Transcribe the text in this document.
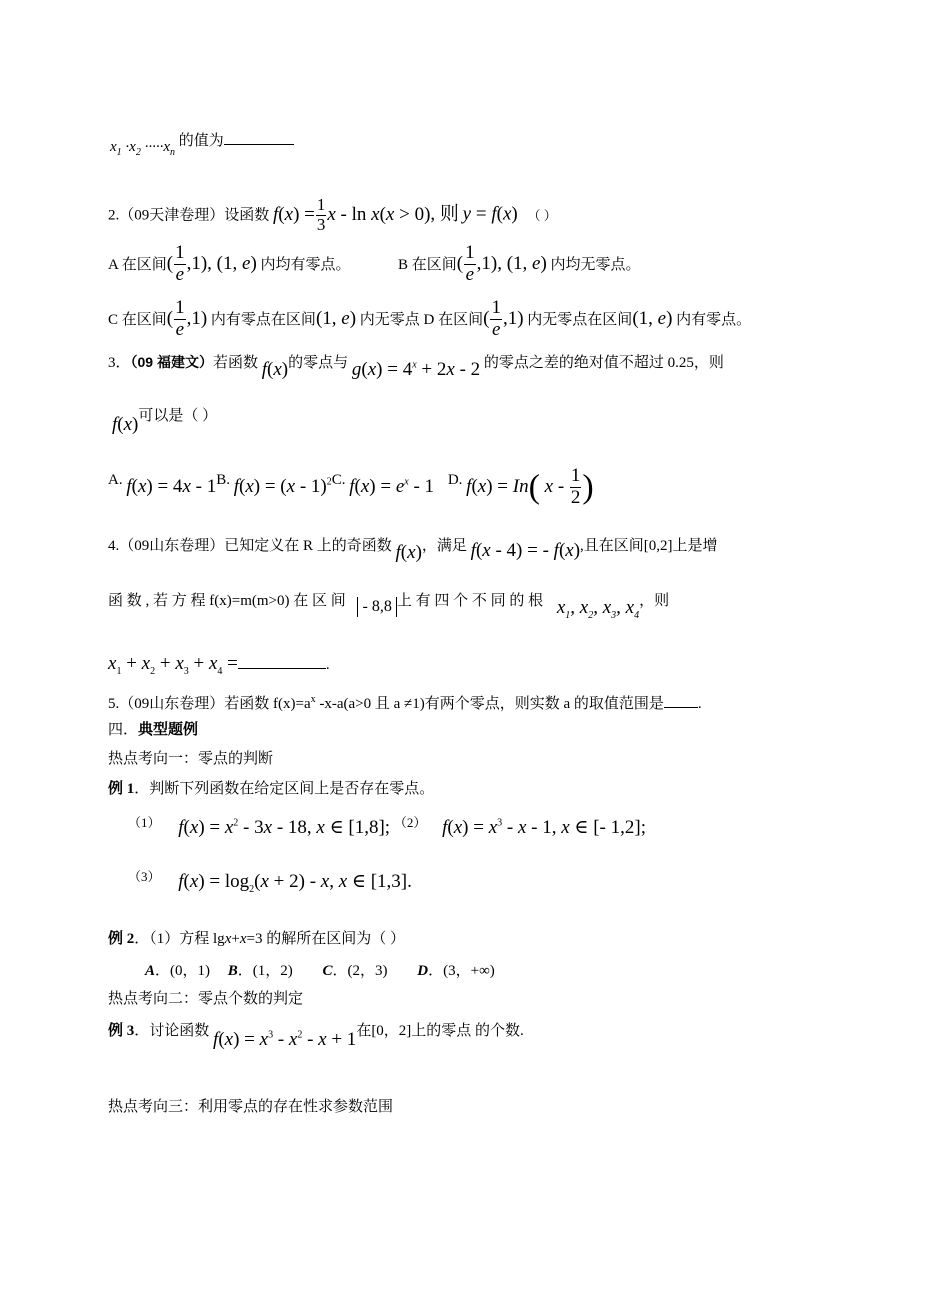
$x_1 \cdot x_2 \cdot\cdot\cdot\cdot\cdot x_n$ 的值为
2.（09天津卷理）设函数 $f(x) = \frac{1}{3}$ x - ln x(x > 0), 则 y = f(x) （ ）
A 在区间( $\frac{1}{e} ,1$), (1, e) 内均有零点。	B 在区间( $\frac{1}{e} ,1$), (1, e) 内均无零点。
C 在区间( $\frac{1}{e} ,1$) 内有零点在区间(1, e) 内无零点 D 在区间( $\frac{1}{e} ,1$) 内无零点在区间(1, e) 内有零点。
3．（09 福建文）若函数 f(x)的零点与 $g(x) = 4^x + 2x - 2$ 的零点之差的绝对值不超过 0.25，则
f(x)可以是（ ）
A. f(x) = 4x - 1B. f(x) = (x - 1)$^2$C. $f(x) = e^x - 1$ D. f(x) = In( x - $\frac{1}{2}$ )
4.（09山东卷理）已知定义在 R 上的奇函数 f(x)，满足 f(x - 4) = - f(x),且在区间[0,2]上是增
函 数 , 若 方 程 f(x)=m(m>0) 在 区 间 - 8,8 上 有 四 个 不 同 的 根 $x_1$, $x_2$, $x_3$, $x_4$，则
$x_1 + x_2 + x_3 + x_4$ =	.
5.（09山东卷理）若函数 $f(x)=a^x$ -x-a(a>0 且 a ≠1)有两个零点，则实数 a 的取值范围是 .
四．典型题例
热点考向一：零点的判断
例 1．判断下列函数在给定区间上是否存在零点。
（1） $f(x) = x^2 - 3x - 18$, x ∈ [1,8]; （2） $f(x) = x^3 - x - 1$, x ∈ [- 1,2];
（3） $f(x) = \log_2(x + 2) - x$, x ∈ [1,3].
例 2．（1）方程 lgx+x=3 的解所在区间为（ ）
A．(0，1) B．(1，2) C．(2，3) D．(3，+∞)
热点考向二：零点个数的判定
例 3．讨论函数 $f(x) = x^3 - x^2 - x + 1$在[0，2]上的零点 的个数.
热点考向三：利用零点的存在性求参数范围
